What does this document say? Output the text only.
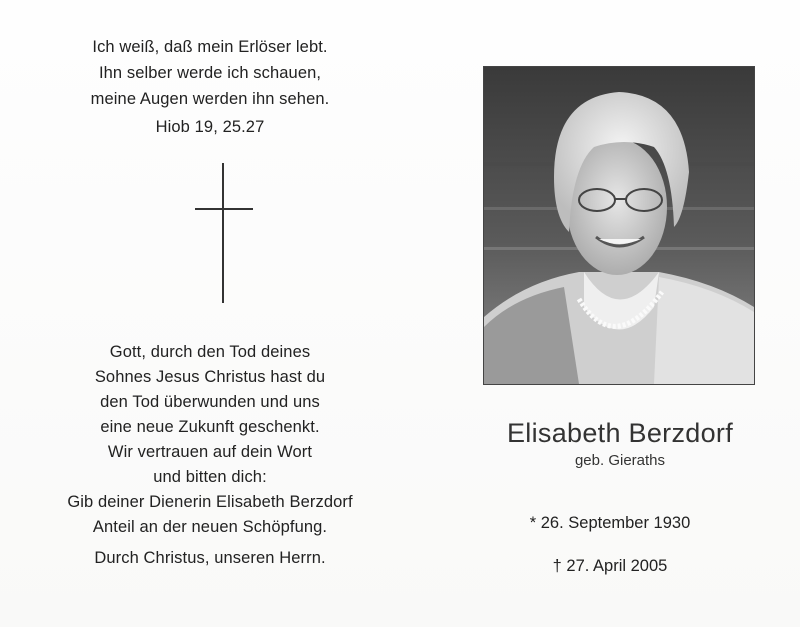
Ich weiß, daß mein Erlöser lebt.
Ihn selber werde ich schauen,
meine Augen werden ihn sehen.
Hiob 19, 25.27
Gott, durch den Tod deines
Sohnes Jesus Christus hast du
den Tod überwunden und uns
eine neue Zukunft geschenkt.
Wir vertrauen auf dein Wort
und bitten dich:
Gib deiner Dienerin Elisabeth Berzdorf
Anteil an der neuen Schöpfung.
Durch Christus, unseren Herrn.
Elisabeth Berzdorf
geb. Gieraths
* 26. September 1930
† 27. April 2005
